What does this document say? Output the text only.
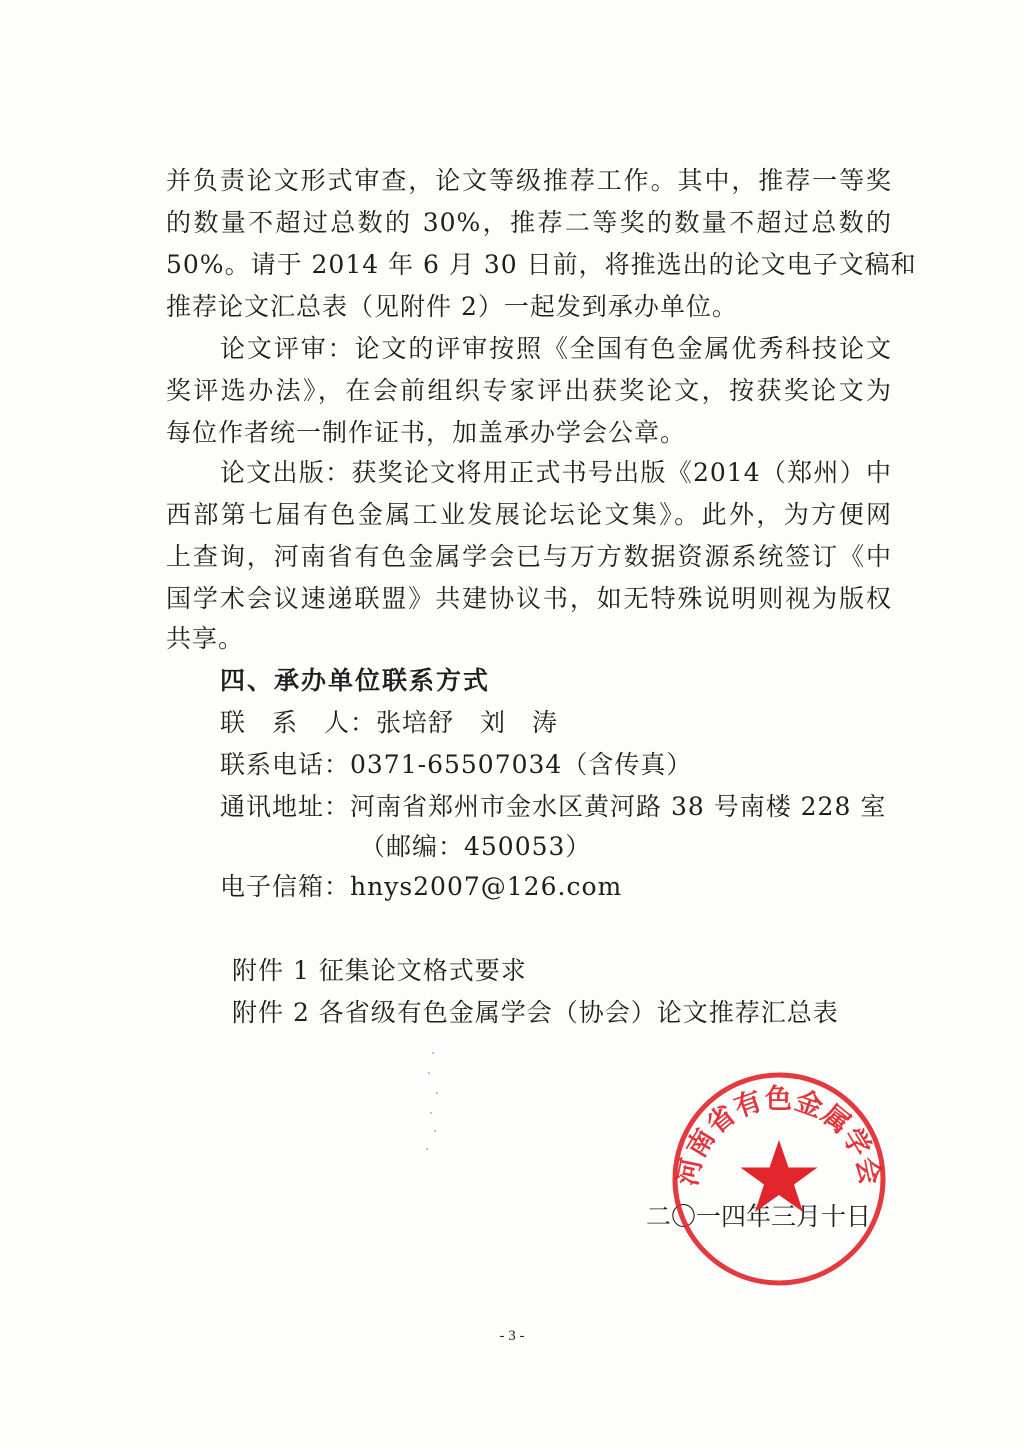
并负责论文形式审查，论文等级推荐工作。其中，推荐一等奖
的数量不超过总数的 30%，推荐二等奖的数量不超过总数的
50%。请于 2014 年 6 月 30 日前，将推选出的论文电子文稿和
推荐论文汇总表（见附件 2）一起发到承办单位。
论文评审：论文的评审按照《全国有色金属优秀科技论文
奖评选办法》，在会前组织专家评出获奖论文，按获奖论文为
每位作者统一制作证书，加盖承办学会公章。
论文出版：获奖论文将用正式书号出版《2014（郑州）中
西部第七届有色金属工业发展论坛论文集》。此外，为方便网
上查询，河南省有色金属学会已与万方数据资源系统签订《中
国学术会议速递联盟》共建协议书，如无特殊说明则视为版权
共享。
四、承办单位联系方式
联　系　人：张培舒　刘　涛
联系电话：0371-65507034（含传真）
通讯地址：河南省郑州市金水区黄河路 38 号南楼 228 室
（邮编：450053）
电子信箱：hnys2007@126.com
附件 1 征集论文格式要求
附件 2 各省级有色金属学会（协会）论文推荐汇总表
二〇一四年三月十日
河南省有色金属学会
- 3 -
